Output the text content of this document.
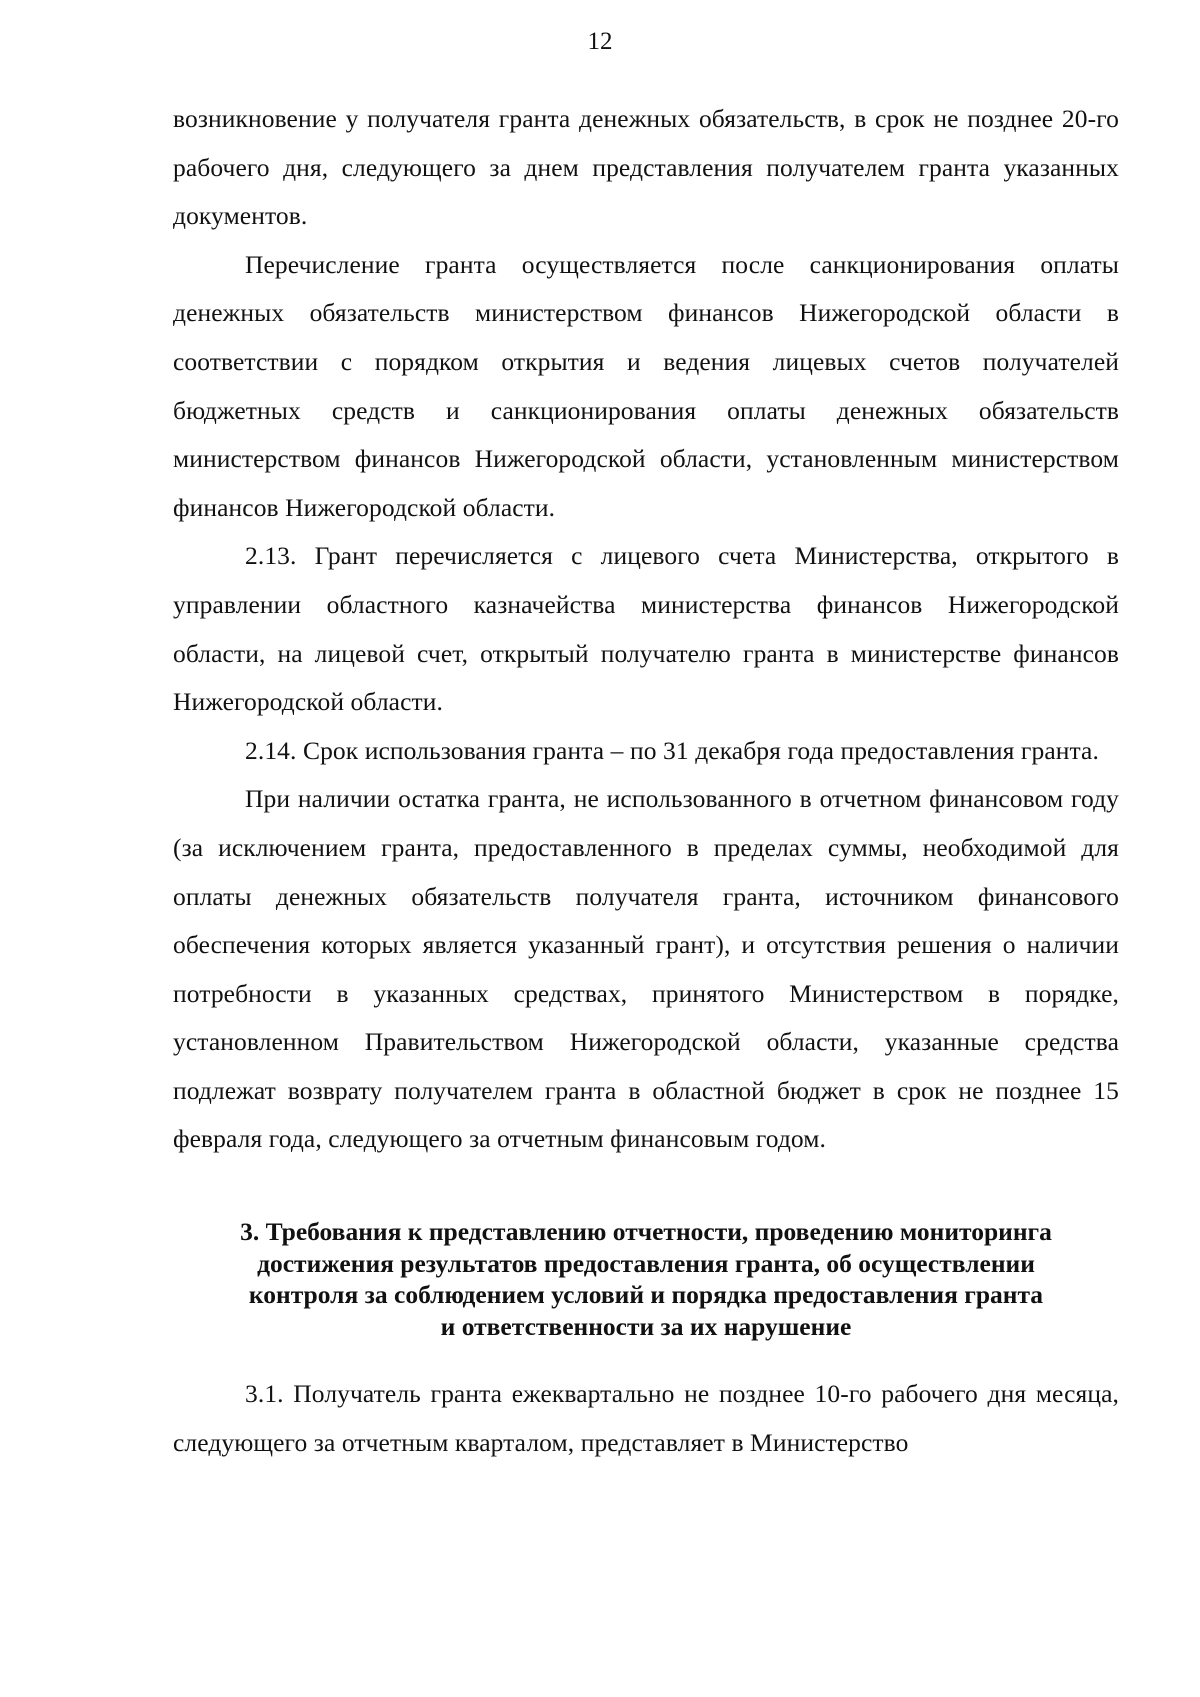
12

возникновение у получателя гранта денежных обязательств, в срок не позднее 20-го рабочего дня, следующего за днем представления получателем гранта указанных документов.

Перечисление гранта осуществляется после санкционирования оплаты денежных обязательств министерством финансов Нижегородской области в соответствии с порядком открытия и ведения лицевых счетов получателей бюджетных средств и санкционирования оплаты денежных обязательств министерством финансов Нижегородской области, установленным министерством финансов Нижегородской области.

2.13. Грант перечисляется с лицевого счета Министерства, открытого в управлении областного казначейства министерства финансов Нижегородской области, на лицевой счет, открытый получателю гранта в министерстве финансов Нижегородской области.

2.14. Срок использования гранта – по 31 декабря года предоставления гранта.

При наличии остатка гранта, не использованного в отчетном финансовом году (за исключением гранта, предоставленного в пределах суммы, необходимой для оплаты денежных обязательств получателя гранта, источником финансового обеспечения которых является указанный грант), и отсутствия решения о наличии потребности в указанных средствах, принятого Министерством в порядке, установленном Правительством Нижегородской области, указанные средства подлежат возврату получателем гранта в областной бюджет в срок не позднее 15 февраля года, следующего за отчетным финансовым годом.

3. Требования к представлению отчетности, проведению мониторинга
достижения результатов предоставления гранта, об осуществлении
контроля за соблюдением условий и порядка предоставления гранта
и ответственности за их нарушение

3.1. Получатель гранта ежеквартально не позднее 10-го рабочего дня месяца, следующего за отчетным кварталом, представляет в Министерство
